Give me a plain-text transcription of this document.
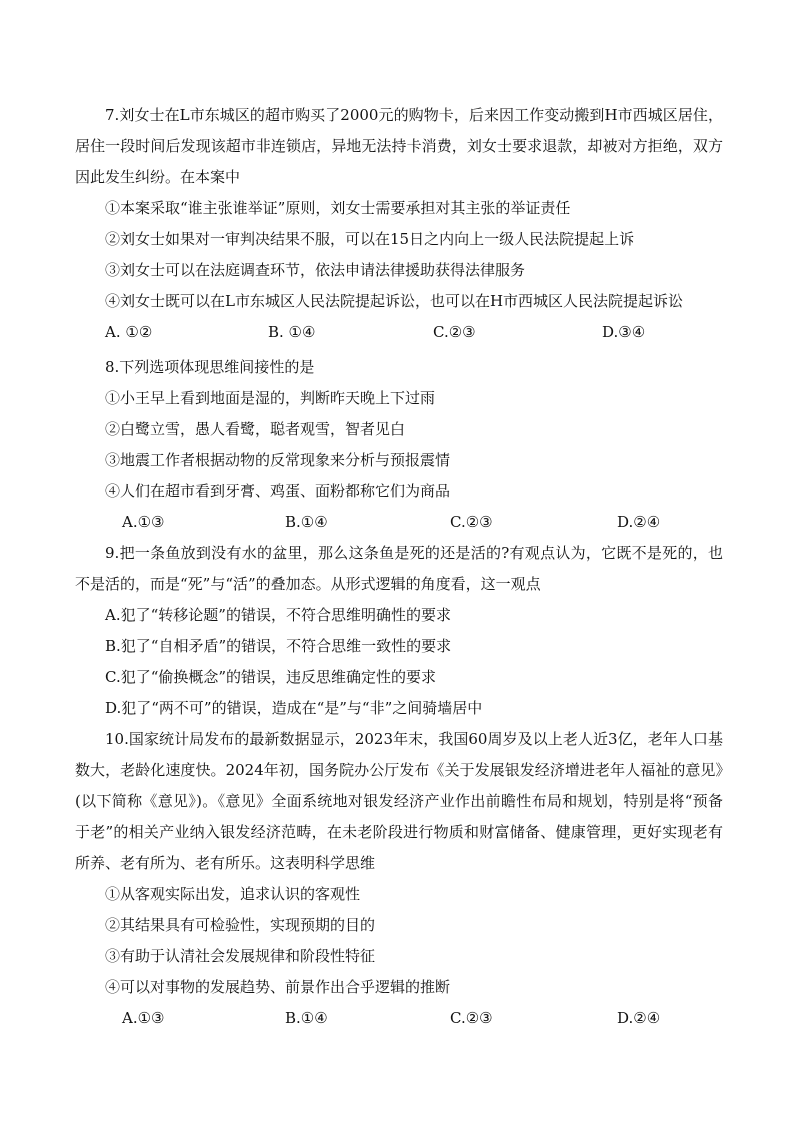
7.刘女士在L市东城区的超市购买了2000元的购物卡，后来因工作变动搬到H市西城区居住，居住一段时间后发现该超市非连锁店，异地无法持卡消费，刘女士要求退款，却被对方拒绝，双方因此发生纠纷。在本案中

①本案采取“谁主张谁举证”原则，刘女士需要承担对其主张的举证责任

②刘女士如果对一审判决结果不服，可以在15日之内向上一级人民法院提起上诉

③刘女士可以在法庭调查环节，依法申请法律援助获得法律服务

④刘女士既可以在L市东城区人民法院提起诉讼，也可以在H市西城区人民法院提起诉讼

A. ①②	B. ①④	C.②③	D.③④

8.下列选项体现思维间接性的是

①小王早上看到地面是湿的，判断昨天晚上下过雨

②白鹭立雪，愚人看鹭，聪者观雪，智者见白

③地震工作者根据动物的反常现象来分析与预报震情

④人们在超市看到牙膏、鸡蛋、面粉都称它们为商品

A.①③	B.①④	C.②③	D.②④

9.把一条鱼放到没有水的盆里，那么这条鱼是死的还是活的?有观点认为，它既不是死的，也不是活的，而是“死”与“活”的叠加态。从形式逻辑的角度看，这一观点

A.犯了“转移论题”的错误，不符合思维明确性的要求

B.犯了“自相矛盾”的错误，不符合思维一致性的要求

C.犯了“偷换概念”的错误，违反思维确定性的要求

D.犯了“两不可”的错误，造成在“是”与“非”之间骑墙居中

10.国家统计局发布的最新数据显示，2023年末，我国60周岁及以上老人近3亿，老年人口基数大，老龄化速度快。2024年初，国务院办公厅发布《关于发展银发经济增进老年人福祉的意见》(以下简称《意见》)。《意见》全面系统地对银发经济产业作出前瞻性布局和规划，特别是将“预备于老”的相关产业纳入银发经济范畴，在未老阶段进行物质和财富储备、健康管理，更好实现老有所养、老有所为、老有所乐。这表明科学思维

①从客观实际出发，追求认识的客观性

②其结果具有可检验性，实现预期的目的

③有助于认清社会发展规律和阶段性特征

④可以对事物的发展趋势、前景作出合乎逻辑的推断

A.①③	B.①④	C.②③	D.②④
